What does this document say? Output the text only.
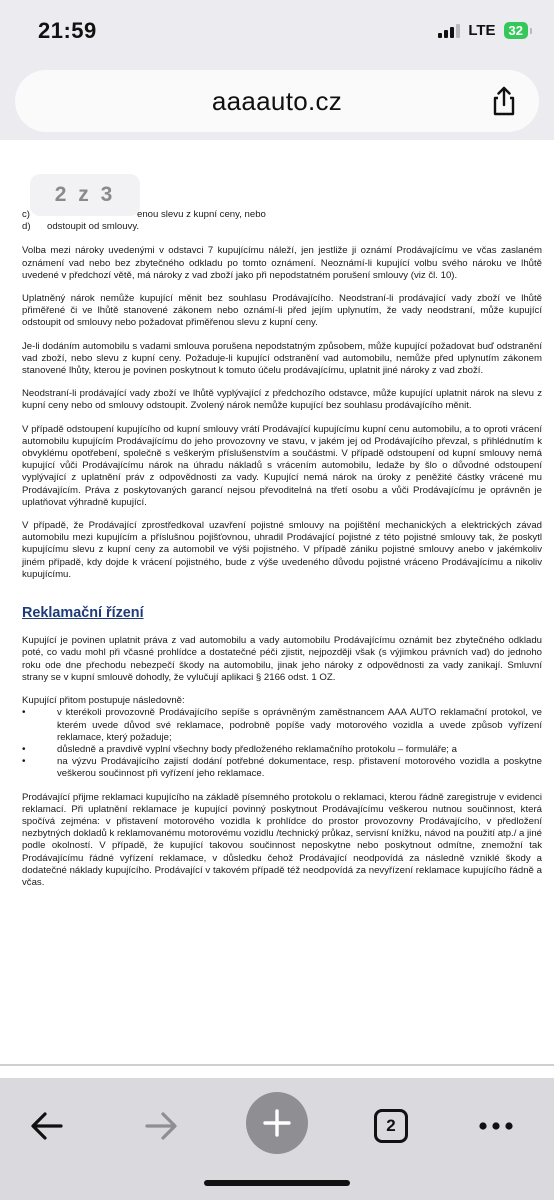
21:59	LTE	32
aaaauto.cz
c)	enou slevu z kupní ceny, nebo
d) odstoupit od smlouvy.

Volba mezi nároky uvedenými v odstavci 7 kupujícímu náleží, jen jestliže ji oznámí Prodávajícímu ve včas zaslaném oznámení vad nebo bez zbytečného odkladu po tomto oznámení. Neoznámí-li kupující volbu svého nároku ve lhůtě uvedené v předchozí větě, má nároky z vad zboží jako při nepodstatném porušení smlouvy (viz čl. 10).

Uplatněný nárok nemůže kupující měnit bez souhlasu Prodávajícího. Neodstraní-li prodávající vady zboží ve lhůtě přiměřené či ve lhůtě stanovené zákonem nebo oznámí-li před jejím uplynutím, že vady neodstraní, může kupující odstoupit od smlouvy nebo požadovat přiměřenou slevu z kupní ceny.

Je-li dodáním automobilu s vadami smlouva porušena nepodstatným způsobem, může kupující požadovat buď odstranění vad zboží, nebo slevu z kupní ceny. Požaduje-li kupující odstranění vad automobilu, nemůže před uplynutím zákonem stanovené lhůty, kterou je povinen poskytnout k tomuto účelu prodávajícímu, uplatnit jiné nároky z vad zboží.

Neodstraní-li prodávající vady zboží ve lhůtě vyplývající z předchozího odstavce, může kupující uplatnit nárok na slevu z kupní ceny nebo od smlouvy odstoupit. Zvolený nárok nemůže kupující bez souhlasu prodávajícího měnit.

V případě odstoupení kupujícího od kupní smlouvy vrátí Prodávající kupujícímu kupní cenu automobilu, a to oproti vrácení automobilu kupujícím Prodávajícímu do jeho provozovny ve stavu, v jakém jej od Prodávajícího převzal, s přihlédnutím k obvyklému opotřebení, společně s veškerým příslušenstvím a součástmi. V případě odstoupení od kupní smlouvy nemá kupující vůči Prodávajícímu nárok na úhradu nákladů s vrácením automobilu, ledaže by šlo o důvodné odstoupení vyplývající z uplatnění práv z odpovědnosti za vady. Kupující nemá nárok na úroky z peněžité částky vrácené mu Prodávajícím. Práva z poskytovaných garancí nejsou převoditelná na třetí osobu a vůči Prodávajícímu je oprávněn je uplatňovat výhradně kupující.

V případě, že Prodávající zprostředkoval uzavření pojistné smlouvy na pojištění mechanických a elektrických závad automobilu mezi kupujícím a příslušnou pojišťovnou, uhradil Prodávající pojistné z této pojistné smlouvy tak, že poskytl kupujícímu slevu z kupní ceny za automobil ve výši pojistného. V případě zániku pojistné smlouvy anebo v jakémkoliv jiném případě, kdy dojde k vrácení pojistného, bude z výše uvedeného důvodu pojistné vráceno Prodávajícímu a nikoliv kupujícímu.

Reklamační řízení

Kupující je povinen uplatnit práva z vad automobilu a vady automobilu Prodávajícímu oznámit bez zbytečného odkladu poté, co vadu mohl při včasné prohlídce a dostatečné péči zjistit, nejpozději však (s výjimkou právních vad) do jednoho roku ode dne přechodu nebezpečí škody na automobilu, jinak jeho nároky z odpovědnosti za vady zanikají. Smluvní strany se v kupní smlouvě dohodly, že vylučují aplikaci § 2166 odst. 1 OZ.

Kupující přitom postupuje následovně:

• v kterékoli provozovně Prodávajícího sepíše s oprávněným zaměstnancem AAA AUTO reklamační protokol, ve kterém uvede důvod své reklamace, podrobně popíše vady motorového vozidla a uvede způsob vyřízení reklamace, který požaduje;

• důsledně a pravdivě vyplní všechny body předloženého reklamačního protokolu – formuláře; a

• na výzvu Prodávajícího zajistí dodání potřebné dokumentace, resp. přistavení motorového vozidla a poskytne veškerou součinnost při vyřízení jeho reklamace.

Prodávající přijme reklamaci kupujícího na základě písemného protokolu o reklamaci, kterou řádně zaregistruje v evidenci reklamací. Při uplatnění reklamace je kupující povinný poskytnout Prodávajícímu veškerou nutnou součinnost, která spočívá zejména: v přistavení motorového vozidla k prohlídce do prostor provozovny Prodávajícího, v předložení nezbytných dokladů k reklamovanému motorovému vozidlu /technický průkaz, servisní knížku, návod na použití atp./ a jiné podle okolností. V případě, že kupující takovou součinnost neposkytne nebo poskytnout odmítne, znemožní tak Prodávajícímu řádné vyřízení reklamace, v důsledku čehož Prodávající neodpovídá za následně vzniklé škody a dodatečné náklady kupujícího. Prodávající v takovém případě též neodpovídá za nevyřízení reklamace kupujícího řádně a včas.

2 z 3
2
